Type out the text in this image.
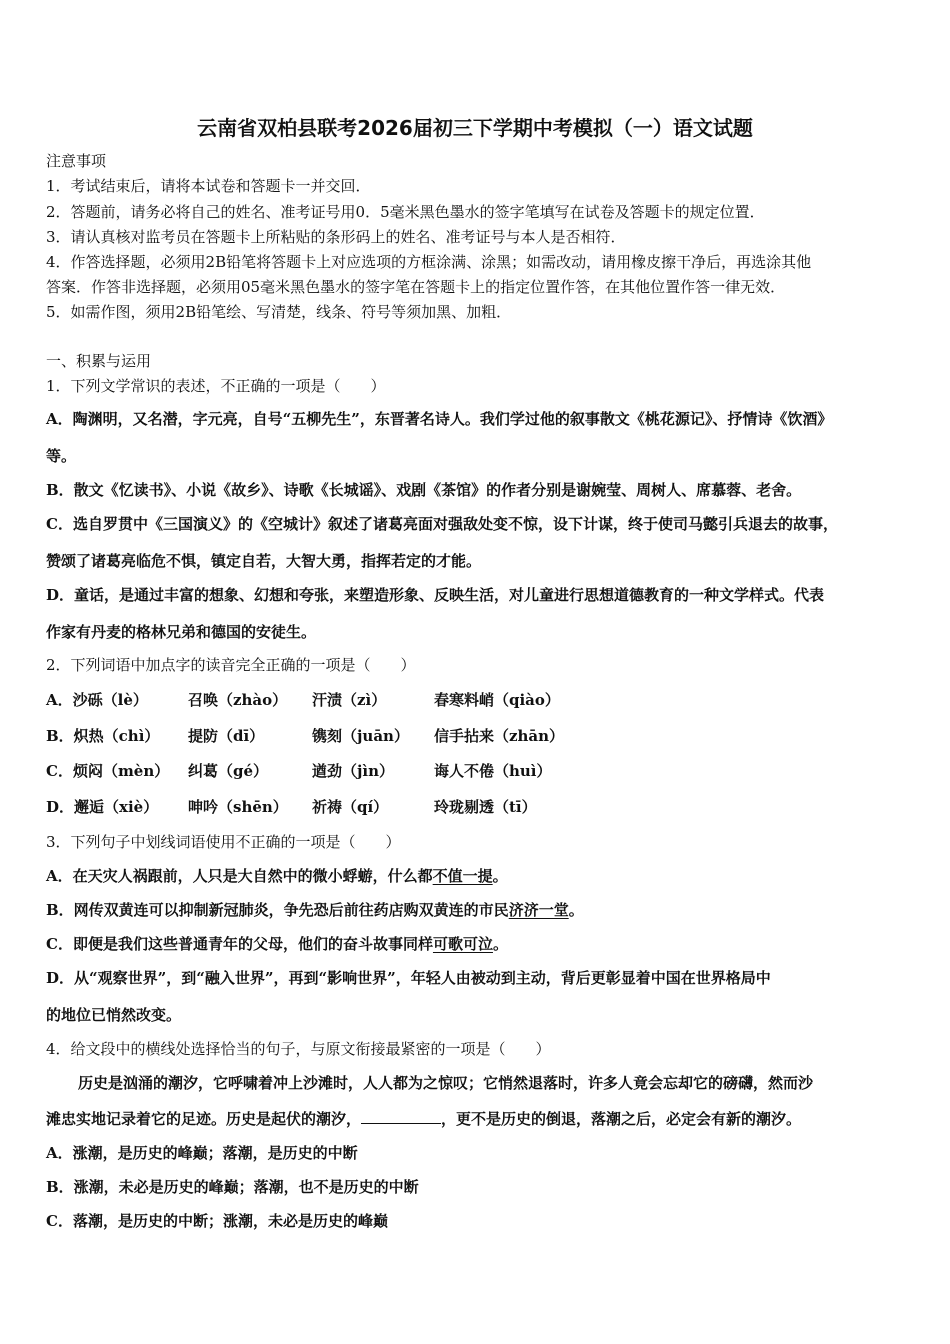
云南省双柏县联考2026届初三下学期中考模拟（一）语文试题
注意事项
1．考试结束后，请将本试卷和答题卡一并交回．
2．答题前，请务必将自己的姓名、准考证号用0．5毫米黑色墨水的签字笔填写在试卷及答题卡的规定位置．
3．请认真核对监考员在答题卡上所粘贴的条形码上的姓名、准考证号与本人是否相符．
4．作答选择题，必须用2B铅笔将答题卡上对应选项的方框涂满、涂黑；如需改动，请用橡皮擦干净后，再选涂其他
答案．作答非选择题，必须用05毫米黑色墨水的签字笔在答题卡上的指定位置作答，在其他位置作答一律无效．
5．如需作图，须用2B铅笔绘、写清楚，线条、符号等须加黑、加粗．
一、积累与运用
1．下列文学常识的表述，不正确的一项是（　　）
A．陶渊明，又名潜，字元亮，自号“五柳先生”，东晋著名诗人。我们学过他的叙事散文《桃花源记》、抒情诗《饮酒》
等。
B．散文《忆读书》、小说《故乡》、诗歌《长城谣》、戏剧《茶馆》的作者分别是谢婉莹、周树人、席慕蓉、老舍。
C．选自罗贯中《三国演义》的《空城计》叙述了诸葛亮面对强敌处变不惊，设下计谋，终于使司马懿引兵退去的故事，
赞颂了诸葛亮临危不惧，镇定自若，大智大勇，指挥若定的才能。
D．童话，是通过丰富的想象、幻想和夸张，来塑造形象、反映生活，对儿童进行思想道德教育的一种文学样式。代表
作家有丹麦的格林兄弟和德国的安徒生。
2．下列词语中加点字的读音完全正确的一项是（　　）
A．沙砾（lè）	召唤（zhào） 汗渍（zì）	春寒料峭（qiào）
B．炽热（chì） 提防（dī）	镌刻（juān） 信手拈来（zhān）
C．烦闷（mèn） 纠葛（gé）	遒劲（jìn）	诲人不倦（huì）
D．邂逅（xiè） 呻吟（shēn） 祈祷（qí）	玲珑剔透（tī）
3．下列句子中划线词语使用不正确的一项是（　　）
A．在天灾人祸跟前，人只是大自然中的微小蜉蝣，什么都不值一提。
B．网传双黄连可以抑制新冠肺炎，争先恐后前往药店购双黄连的市民济济一堂。
C．即便是我们这些普通青年的父母，他们的奋斗故事同样可歌可泣。
D．从“观察世界”，到“融入世界”，再到“影响世界”，年轻人由被动到主动，背后更彰显着中国在世界格局中
的地位已悄然改变。
4．给文段中的横线处选择恰当的句子，与原文衔接最紧密的一项是（　　）
历史是汹涌的潮汐，它呼啸着冲上沙滩时，人人都为之惊叹；它悄然退落时，许多人竟会忘却它的磅礴，然而沙
滩忠实地记录着它的足迹。历史是起伏的潮汐，	，更不是历史的倒退，落潮之后，必定会有新的潮汐。
A．涨潮，是历史的峰巅；落潮，是历史的中断
B．涨潮，未必是历史的峰巅；落潮，也不是历史的中断
C．落潮，是历史的中断；涨潮，未必是历史的峰巅
